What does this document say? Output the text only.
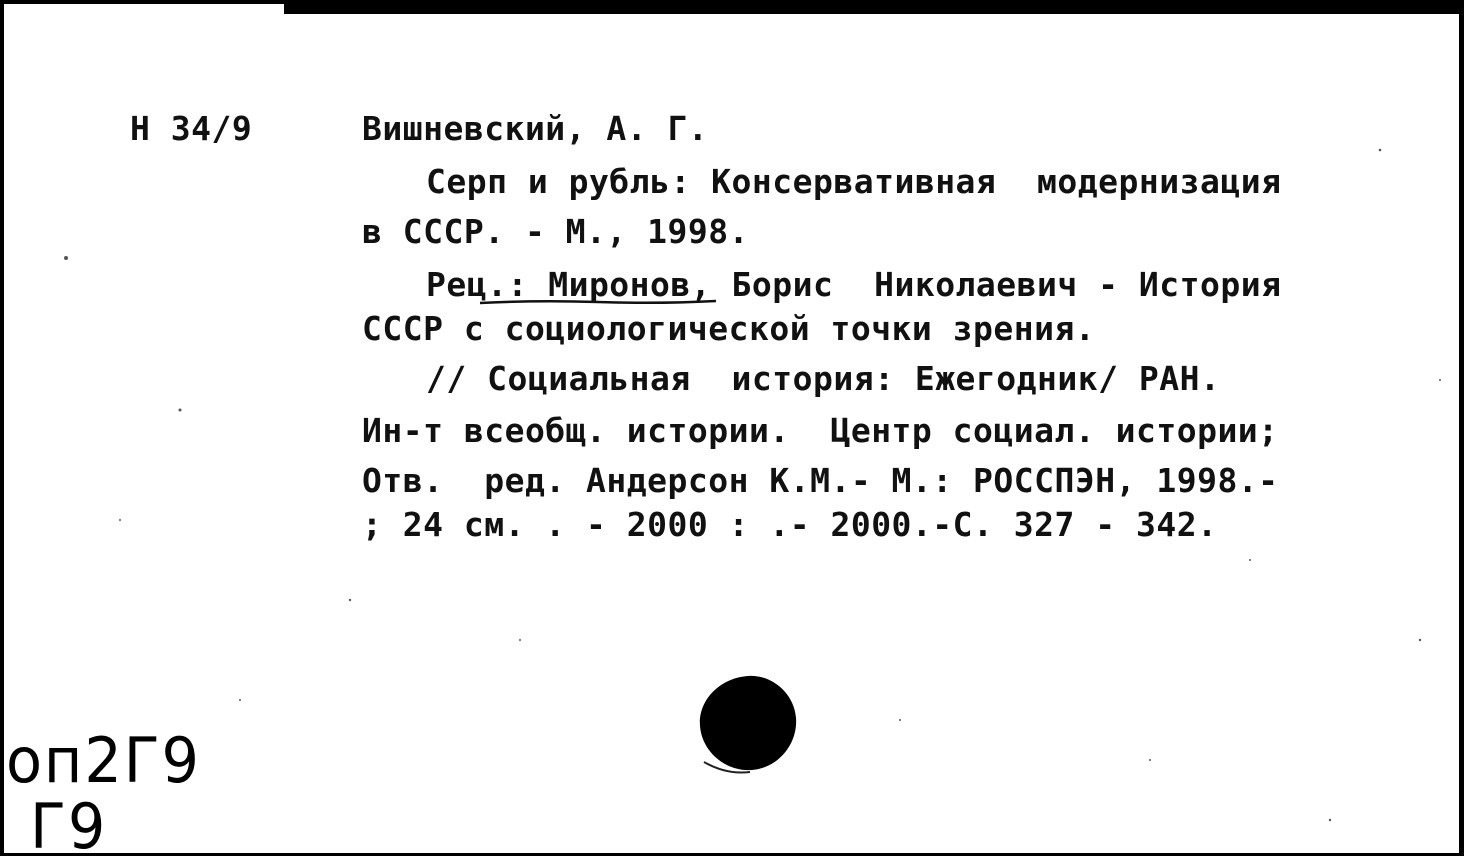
Н 34/9	Вишневский, А. Г.
Серп и рубль: Консервативная  модернизация
в СССР. - М., 1998.
Рец.: Миронов, Борис  Николаевич - История
СССР с социологической точки зрения.
// Социальная  история: Ежегодник/ РАН.
Ин-т всеобщ. истории.  Центр социал. истории;
Отв.  ред. Андерсон К.М.- М.: РОССПЭН, 1998.-
; 24 см. . - 2000 : .- 2000.-С. 327 - 342.
оп2Г9
Г9
